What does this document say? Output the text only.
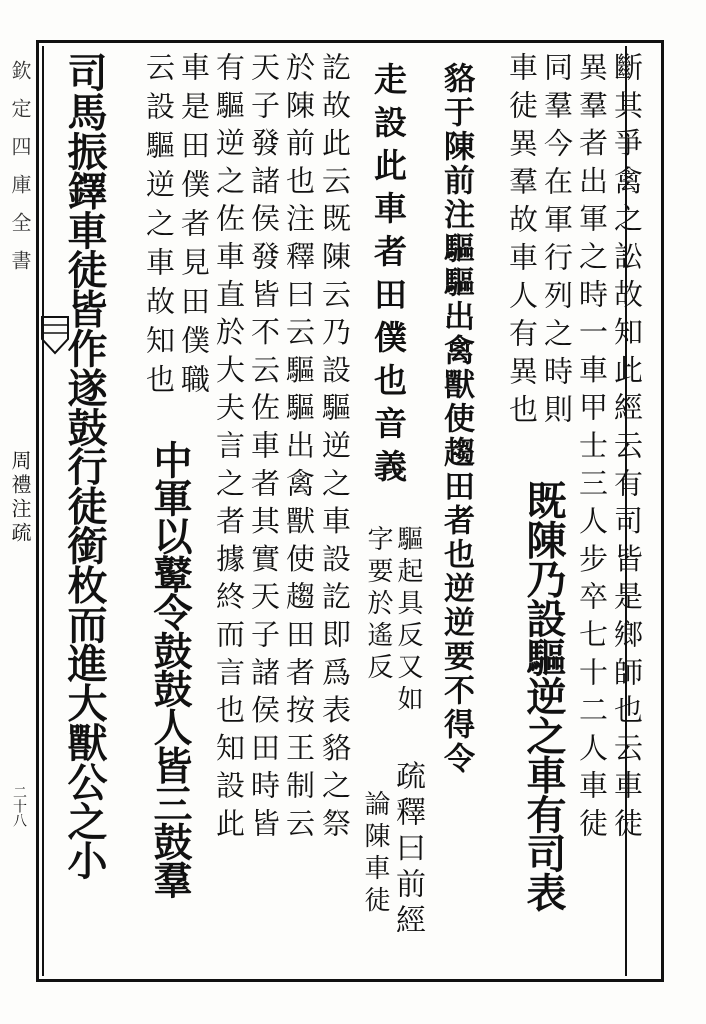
欽定四庫全書
周禮注疏
二十八	斷其爭禽之訟故知此經云有司皆是鄉師也云車徒
異羣者出軍之時一車甲士三人步卒七十二人車徒
同羣今在軍行列之時則
車徒異羣故車人有異也
既陳乃設驅逆之車有司表
貉于陳前注驅驅出禽獸使趨田者也逆逆要不得令
走設此車者田僕也音義
驅起具反又如
字要於遙反
疏釋曰前經
論陳車徒
訖故此云既陳云乃設驅逆之車設訖即爲表貉之祭
於陳前也注釋曰云驅驅出禽獸使趨田者按王制云
天子發諸侯發皆不云佐車者其實天子諸侯田時皆
有驅逆之佐車直於大夫言之者據終而言也知設此
車是田僕者見田僕職
中軍以鼙令鼓鼓人皆三鼓羣
云設驅逆之車故知也
司馬振鐸車徒皆作遂鼓行徒銜枚而進大獸公之小
